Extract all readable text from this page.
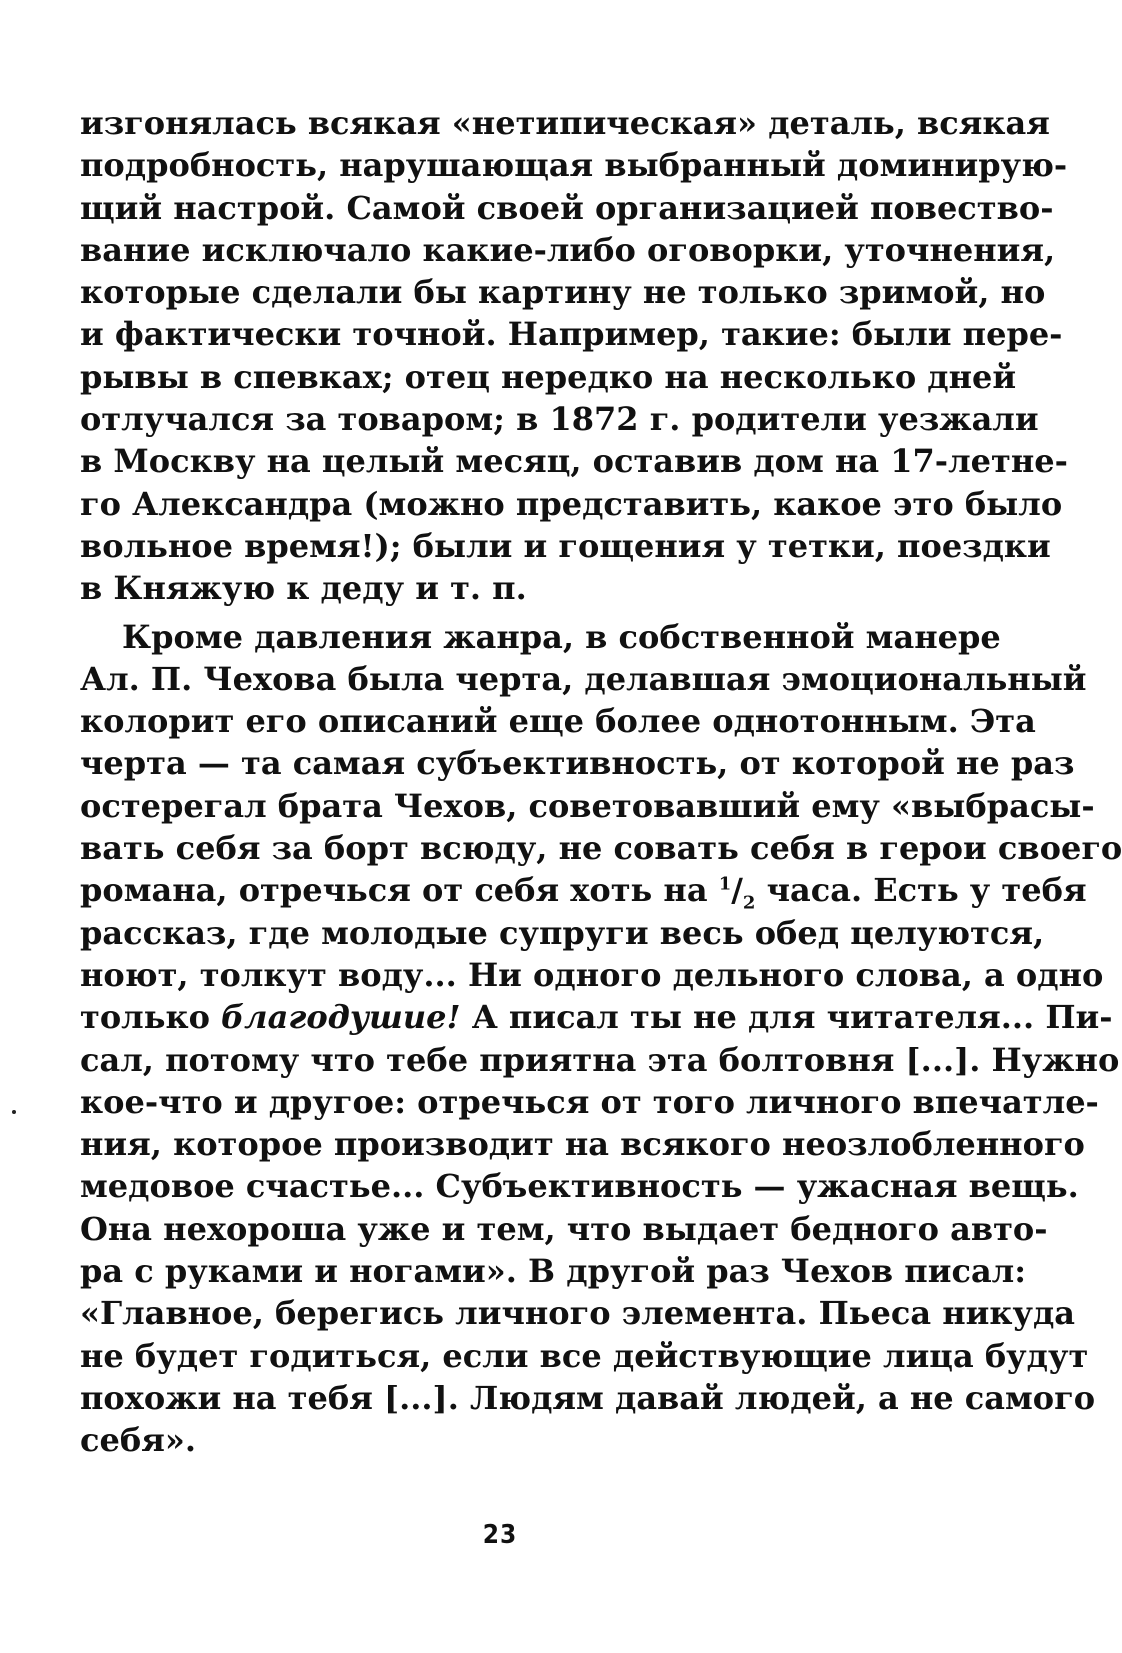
изгонялась всякая «нетипическая» деталь, всякая
подробность, нарушающая выбранный доминирую-
щий настрой. Самой своей организацией повество-
вание исключало какие-либо оговорки, уточнения,
которые сделали бы картину не только зримой, но
и фактически точной. Например, такие: были пере-
рывы в спевках; отец нередко на несколько дней
отлучался за товаром; в 1872 г. родители уезжали
в Москву на целый месяц, оставив дом на 17-летне-
го Александра (можно представить, какое это было
вольное время!); были и гощения у тетки, поездки
в Княжую к деду и т. п.
Кроме давления жанра, в собственной манере
Ал. П. Чехова была черта, делавшая эмоциональный
колорит его описаний еще более однотонным. Эта
черта — та самая субъективность, от которой не раз
остерегал брата Чехов, советовавший ему «выбрасы-
вать себя за борт всюду, не совать себя в герои своего
романа, отречься от себя хоть на $^1/_2$ часа. Есть у тебя
рассказ, где молодые супруги весь обед целуются,
ноют, толкут воду... Ни одного дельного слова, а одно
только благодушие! А писал ты не для читателя... Пи-
сал, потому что тебе приятна эта болтовня [...]. Нужно
кое-что и другое: отречься от того личного впечатле-
ния, которое производит на всякого неозлобленного
медовое счастье... Субъективность — ужасная вещь.
Она нехороша уже и тем, что выдает бедного авто-
ра с руками и ногами». В другой раз Чехов писал:
«Главное, берегись личного элемента. Пьеса никуда
не будет годиться, если все действующие лица будут
похожи на тебя [...]. Людям давай людей, а не самого
себя».
23
